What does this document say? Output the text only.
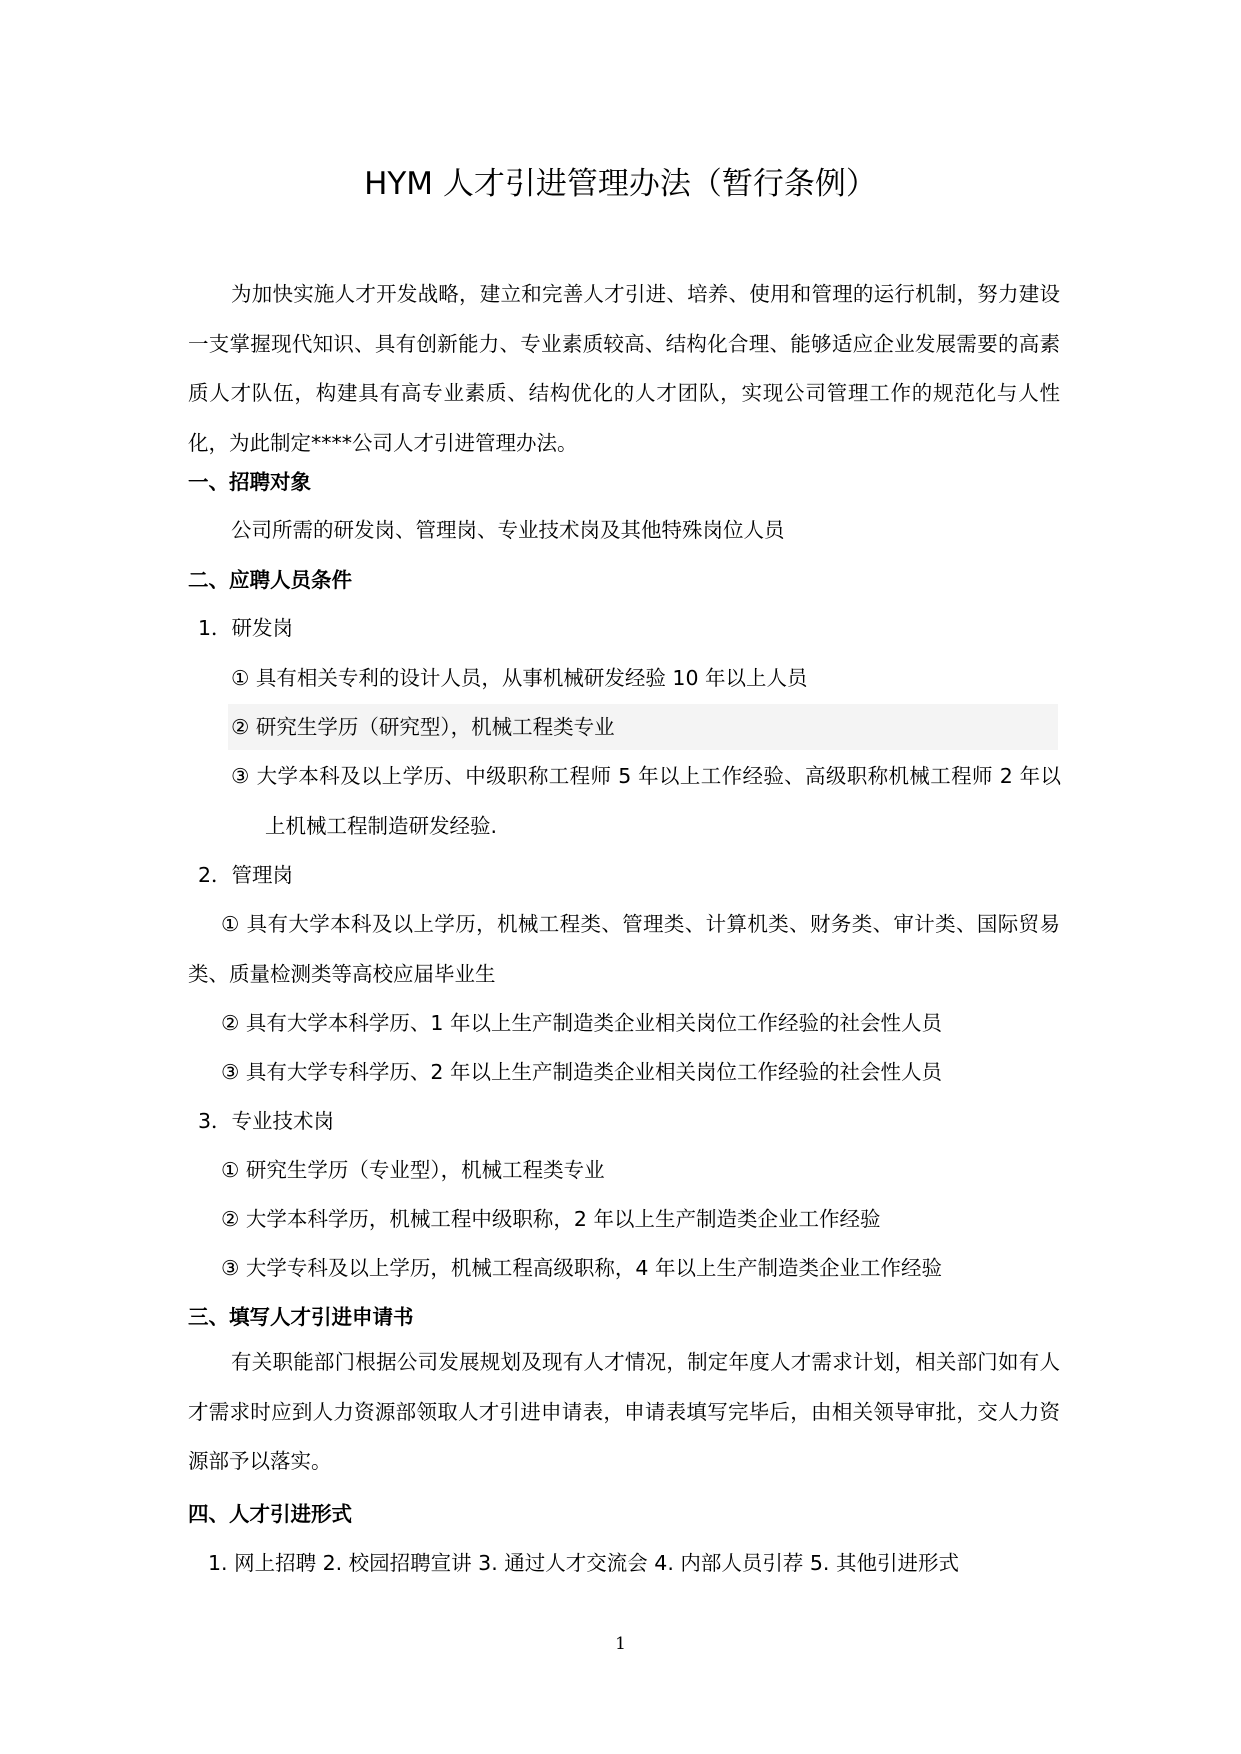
HYM 人才引进管理办法（暂行条例）
为加快实施人才开发战略，建立和完善人才引进、培养、使用和管理的运行机制，努力建设一支掌握现代知识、具有创新能力、专业素质较高、结构化合理、能够适应企业发展需要的高素质人才队伍，构建具有高专业素质、结构优化的人才团队，实现公司管理工作的规范化与人性化，为此制定****公司人才引进管理办法。
一、招聘对象
公司所需的研发岗、管理岗、专业技术岗及其他特殊岗位人员
二、应聘人员条件
1．研发岗
① 具有相关专利的设计人员，从事机械研发经验 10 年以上人员
② 研究生学历（研究型），机械工程类专业
③ 大学本科及以上学历、中级职称工程师 5 年以上工作经验、高级职称机械工程师 2 年以上机械工程制造研发经验.
2．管理岗
① 具有大学本科及以上学历，机械工程类、管理类、计算机类、财务类、审计类、国际贸易类、质量检测类等高校应届毕业生
② 具有大学本科学历、1 年以上生产制造类企业相关岗位工作经验的社会性人员
③ 具有大学专科学历、2 年以上生产制造类企业相关岗位工作经验的社会性人员
3．专业技术岗
① 研究生学历（专业型），机械工程类专业
② 大学本科学历，机械工程中级职称，2 年以上生产制造类企业工作经验
③ 大学专科及以上学历，机械工程高级职称，4 年以上生产制造类企业工作经验
三、填写人才引进申请书
有关职能部门根据公司发展规划及现有人才情况，制定年度人才需求计划，相关部门如有人才需求时应到人力资源部领取人才引进申请表，申请表填写完毕后，由相关领导审批，交人力资源部予以落实。
四、人才引进形式
1. 网上招聘 2. 校园招聘宣讲 3. 通过人才交流会 4. 内部人员引荐 5. 其他引进形式
1
